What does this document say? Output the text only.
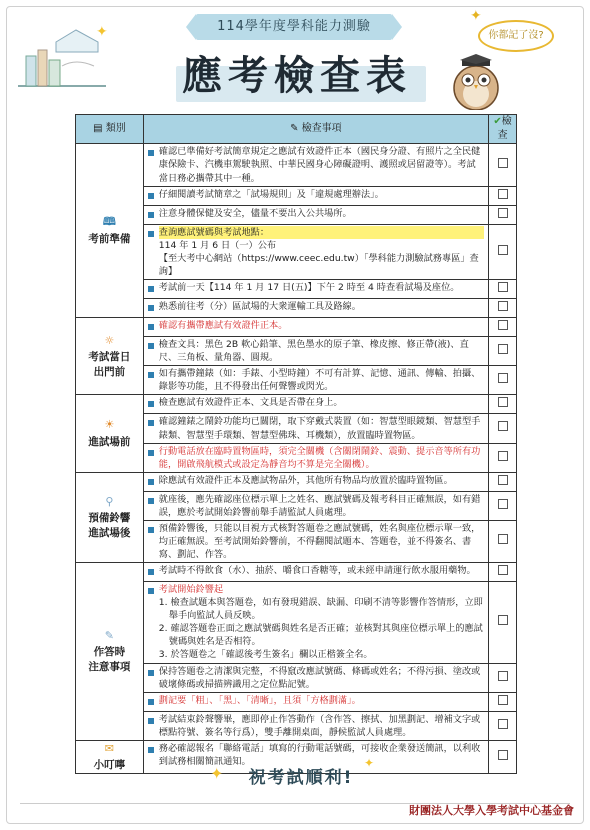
✦	114學年度學科能力測驗
應考檢查表
你都記了沒?
✦
▤ 類別	✎ 檢查事項	✔檢查

🕮
考前準備	確認已準備好考試簡章規定之應試有效證件正本（國民身分證、有照片之全民健康保險卡、汽機車駕駛執照、中華民國身心障礙證明、護照或居留證等）。考試當日務必攜帶其中一種。	

	仔細閱讀考試簡章之「試場規則」及「違規處理辦法」。	

	注意身體保健及安全，儘量不要出入公共場所。	

	查詢應試號碼與考試地點：
114 年 1 月 6 日（一）公布
【至大考中心網站（https://www.ceec.edu.tw）「學科能力測驗試務專區」查詢】	

	考試前一天【114 年 1 月 17 日(五)】下午 2 時至 4 時查看試場及座位。	

	熟悉前往考（分）區試場的大衆運輸工具及路線。	

☼
考試當日
出門前	確認有攜帶應試有效證件正本。	

	檢查文具：黑色 2B 軟心鉛筆、黑色墨水的原子筆、橡皮擦、修正帶(液)、直尺、三角板、量角器、圓規。	

	如有攜帶鐘錶（如：手錶、小型時鐘）不可有計算、記憶、通訊、傳輸、拍攝、錄影等功能，且不得發出任何聲響或閃光。	

☀
進試場前	檢查應試有效證件正本、文具是否帶在身上。	

	確認鐘錶之鬧鈴功能均已關閉，取下穿戴式裝置（如：智慧型眼鏡類、智慧型手錶類、智慧型手環類、智慧型佛珠、耳機類），放置臨時置物區。	

	行動電話放在臨時置物區時，須完全關機（含關閉鬧鈴、震動、提示音等所有功能，開啟飛航模式或設定為靜音均不算是完全關機）。	

⚲
預備鈴響
進試場後	除應試有效證件正本及應試物品外，其他所有物品均放置於臨時置物區。	

	就座後，應先確認座位標示單上之姓名、應試號碼及報考科目正確無誤，如有錯誤，應於考試開始鈴響前舉手請監試人員處理。	

	預備鈴響後，只能以目視方式核對答題卷之應試號碼，姓名與座位標示單一致，均正確無誤。至考試開始鈴響前，不得翻閱試題本、答題卷，並不得簽名、書寫、劃記、作答。	

✎
作答時
注意事項	考試時不得飲食（水）、抽菸、嚼食口香糖等，或未經申請運行飲水服用藥物。	

	考試開始鈴響起
1. 檢查試題本與答題卷，如有發現錯誤、缺漏、印刷不清等影響作答情形，立即舉手向監試人員反映。
2. 確認答題卷正面之應試號碼與姓名是否正確；並核對其與座位標示單上的應試號碼與姓名是否相符。
3. 於答題卷之「確認後考生簽名」欄以正楷簽全名。	

	保持答題卷之清潔與完整，不得竄改應試號碼、條碼或姓名；不得污損、塗改或破壞條碼或掃描辨識用之定位點記號。	

	劃記要「粗」、「黑」、「清晰」，且須「方格劃滿」。	

	考試結束鈴聲響畢，應即停止作答動作（含作答、擦拭、加黑劃記、增補文字或標點符號、簽名等行爲），雙手離開桌面，靜候監試人員處理。	

✉
小叮嚀	務必確認報名「聯絡電話」填寫的行動電話號碼，可接收企業發送簡訊，以利收到試務相關簡訊通知。	

✦	祝考試順利!
✦
財團法人大學入學考試中心基金會
